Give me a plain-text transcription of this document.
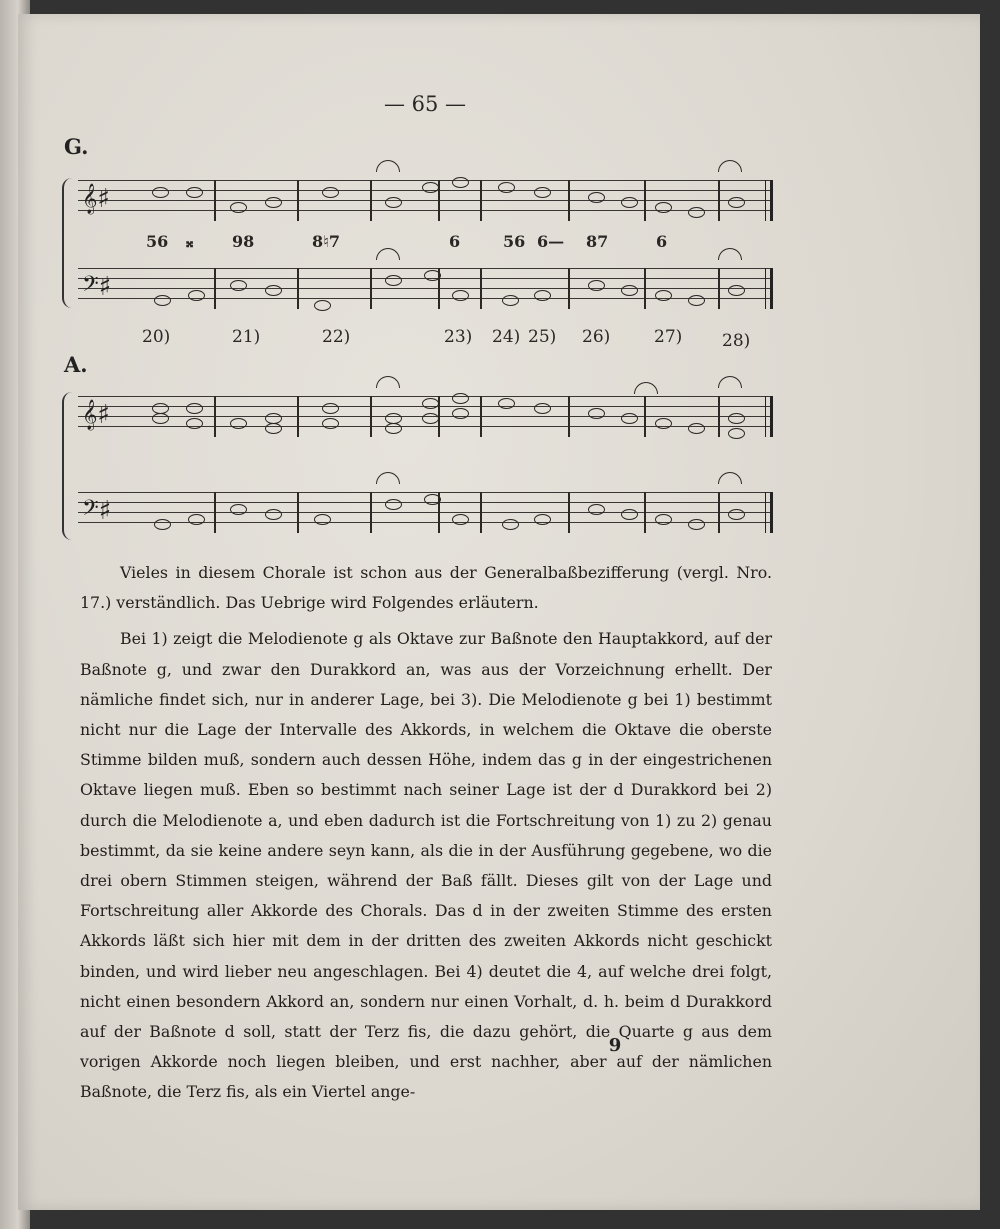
— 65 —
G.
𝄞♯
56 𝄪 98	8♮7	6	56 6— 87	6
𝄢♯
20)	21)	22)	23) 24) 25) 26)	27) 28)
A.
𝄞♯
𝄢♯

Vieles in diesem Chorale ist schon aus der Generalbaßbezifferung (vergl. Nro. 17.) verständlich. Das Uebrige wird Folgendes erläutern.

Bei 1) zeigt die Melodienote g als Oktave zur Baßnote den Hauptakkord, auf der Baßnote g, und zwar den Durakkord an, was aus der Vorzeichnung erhellt. Der nämliche findet sich, nur in anderer Lage, bei 3). Die Melodienote g bei 1) bestimmt nicht nur die Lage der Intervalle des Akkords, in welchem die Oktave die oberste Stimme bilden muß, sondern auch dessen Höhe, indem das g in der eingestrichenen Oktave liegen muß. Eben so bestimmt nach seiner Lage ist der d Durakkord bei 2) durch die Melodienote a, und eben dadurch ist die Fortschreitung von 1) zu 2) genau bestimmt, da sie keine andere seyn kann, als die in der Ausführung gegebene, wo die drei obern Stimmen steigen, während der Baß fällt. Dieses gilt von der Lage und Fortschreitung aller Akkorde des Chorals. Das d in der zweiten Stimme des ersten Akkords läßt sich hier mit dem in der dritten des zweiten Akkords nicht geschickt binden, und wird lieber neu angeschlagen. Bei 4) deutet die 4, auf welche drei folgt, nicht einen besondern Akkord an, sondern nur einen Vorhalt, d. h. beim d Durakkord auf der Baßnote d soll, statt der Terz fis, die dazu gehört, die Quarte g aus dem vorigen Akkorde noch liegen bleiben, und erst nachher, aber auf der nämlichen Baßnote, die Terz fis, als ein Viertel ange-

9
